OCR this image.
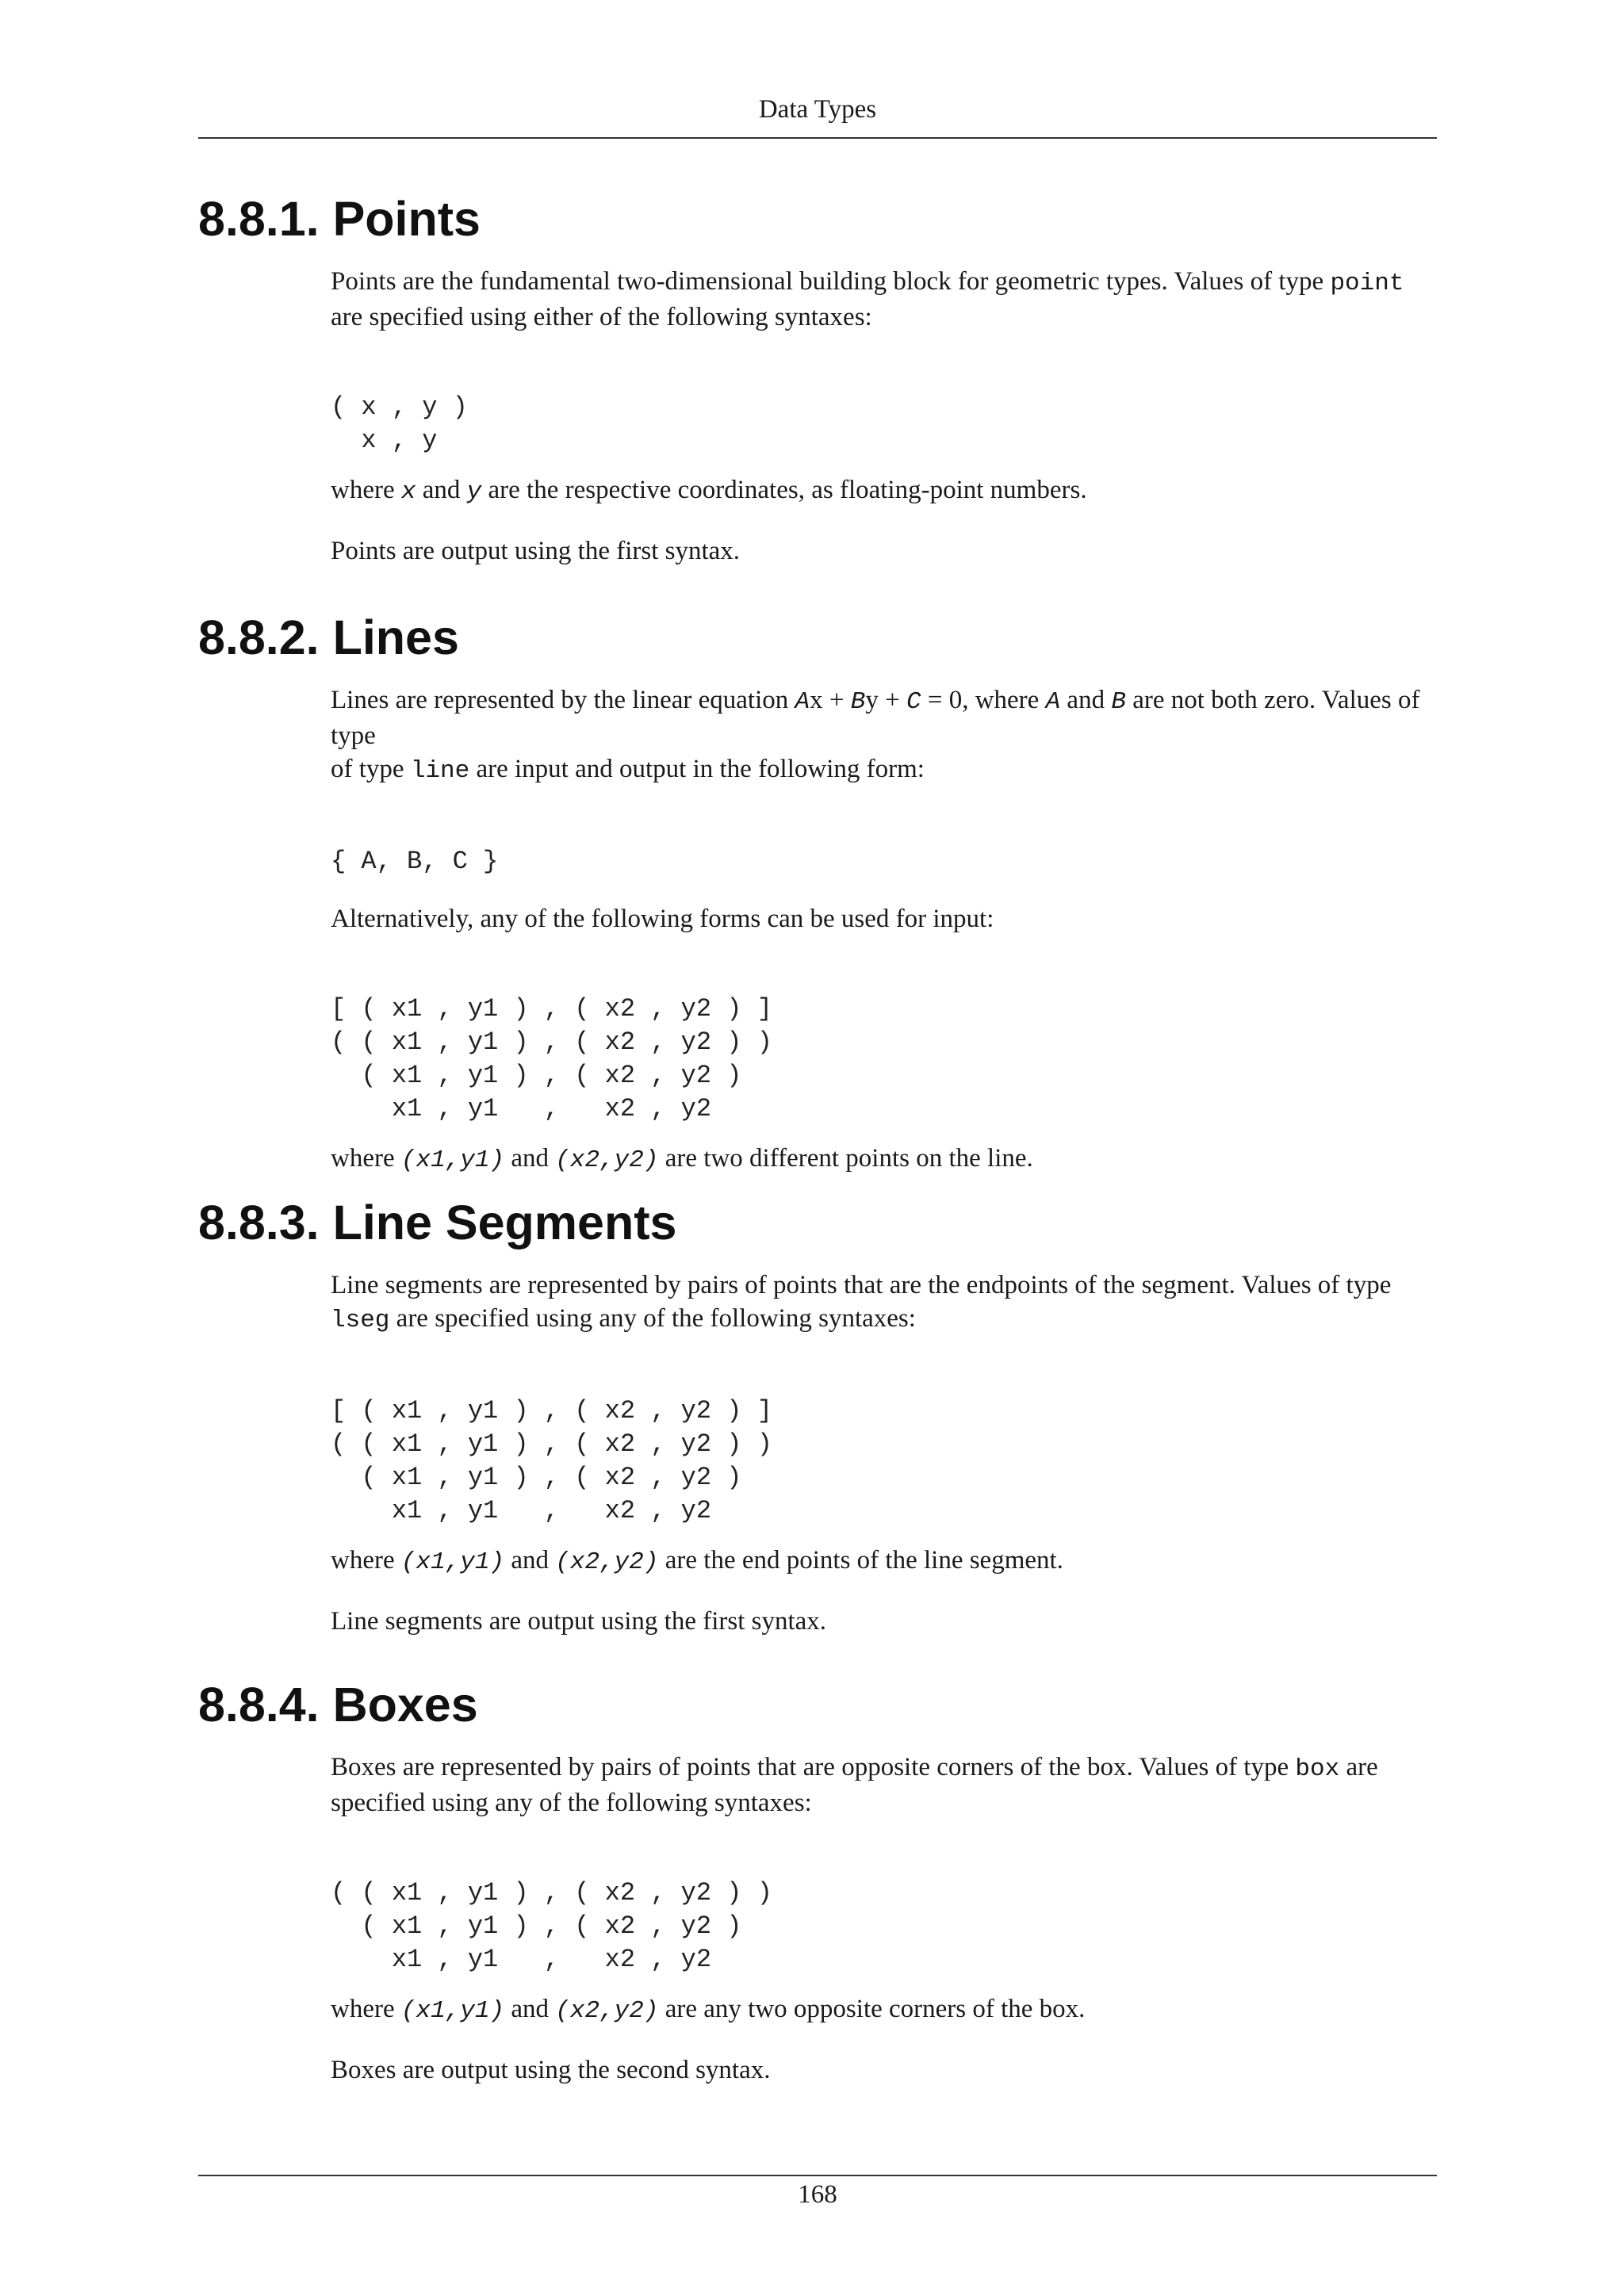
Data Types
8.8.1. Points

Points are the fundamental two-dimensional building block for geometric types. Values of type point
are specified using either of the following syntaxes:

( x , y )
x , y

where x and y are the respective coordinates, as floating-point numbers.

Points are output using the first syntax.

8.8.2. Lines

Lines are represented by the linear equation Ax + By + C = 0, where A and B are not both zero. Values of type
of type line are input and output in the following form:

{ A, B, C }

Alternatively, any of the following forms can be used for input:

[ ( x1 , y1 ) , ( x2 , y2 ) ]
( ( x1 , y1 ) , ( x2 , y2 ) )
( x1 , y1 ) , ( x2 , y2 )
x1 , y1   ,   x2 , y2

where (x1,y1) and (x2,y2) are two different points on the line.

8.8.3. Line Segments

Line segments are represented by pairs of points that are the endpoints of the segment. Values of type
lseg are specified using any of the following syntaxes:

[ ( x1 , y1 ) , ( x2 , y2 ) ]
( ( x1 , y1 ) , ( x2 , y2 ) )
( x1 , y1 ) , ( x2 , y2 )
x1 , y1   ,   x2 , y2

where (x1,y1) and (x2,y2) are the end points of the line segment.

Line segments are output using the first syntax.

8.8.4. Boxes

Boxes are represented by pairs of points that are opposite corners of the box. Values of type box are
specified using any of the following syntaxes:

( ( x1 , y1 ) , ( x2 , y2 ) )
( x1 , y1 ) , ( x2 , y2 )
x1 , y1   ,   x2 , y2

where (x1,y1) and (x2,y2) are any two opposite corners of the box.

Boxes are output using the second syntax.

168
